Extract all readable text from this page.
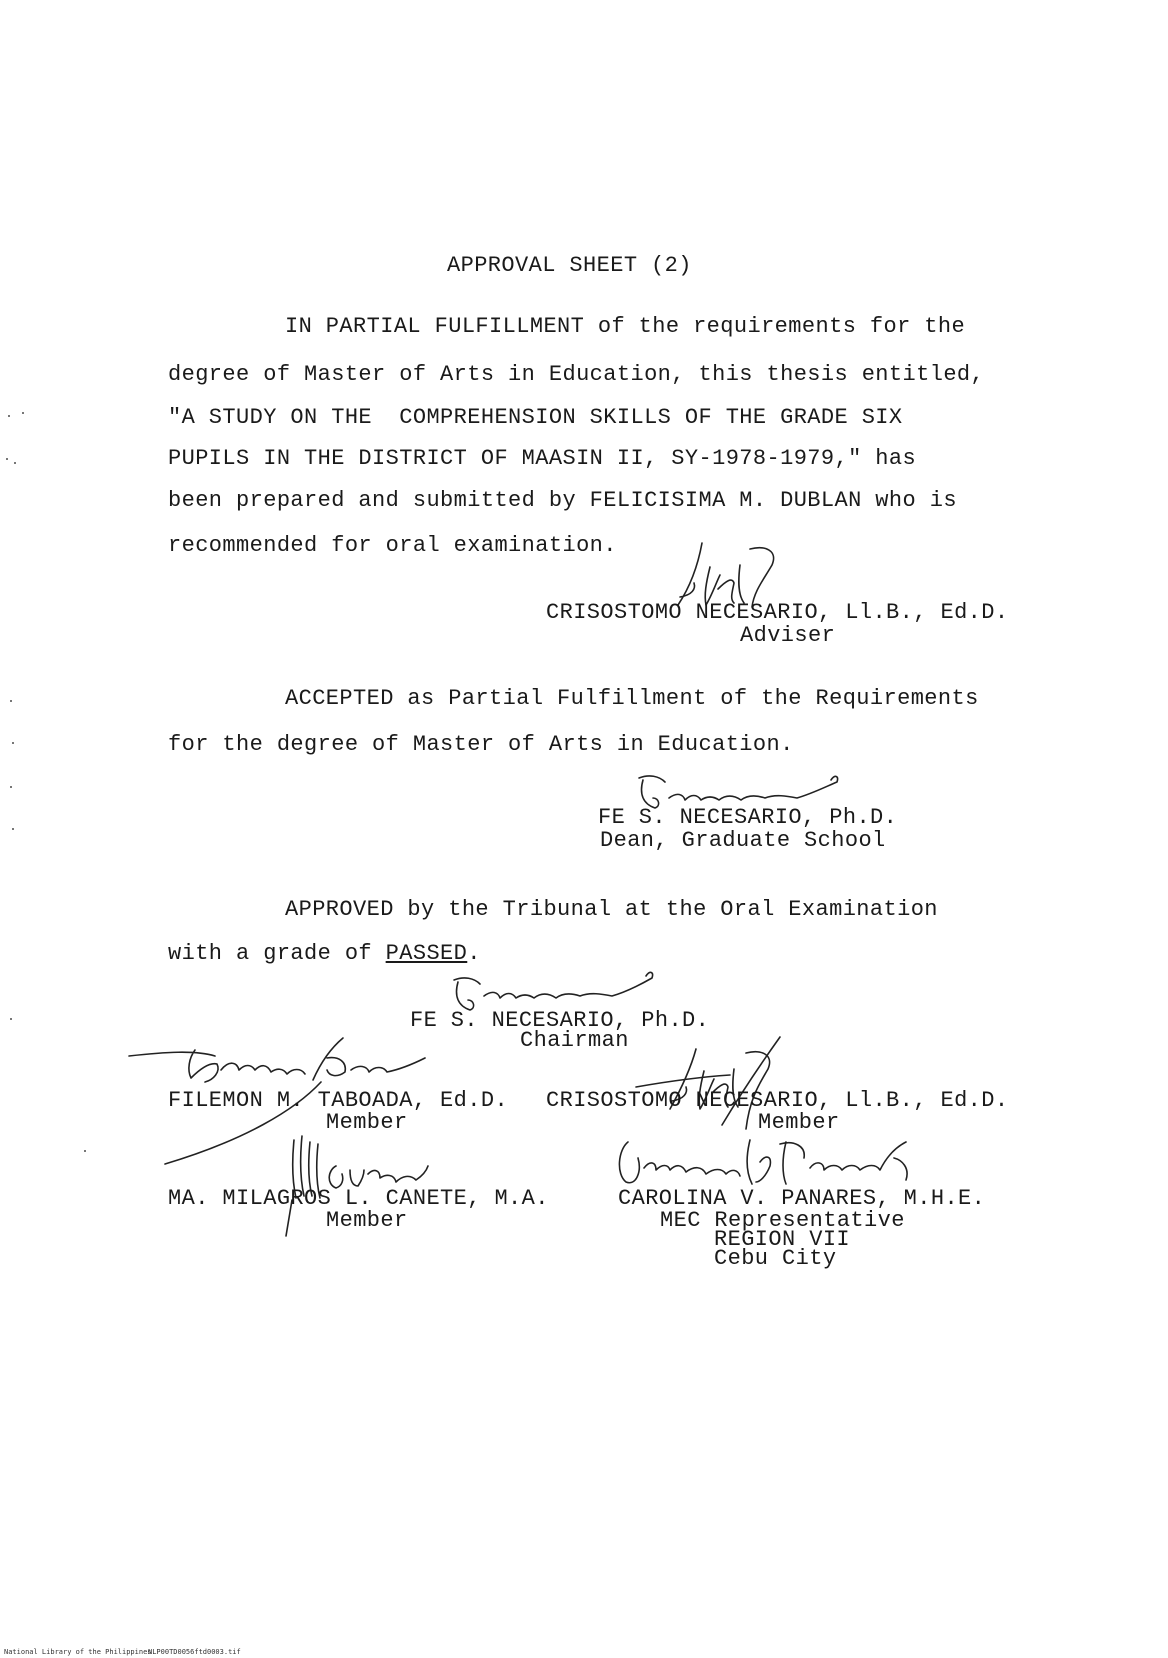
APPROVAL SHEET (2)
IN PARTIAL FULFILLMENT of the requirements for the
degree of Master of Arts in Education, this thesis entitled,
"A STUDY ON THE  COMPREHENSION SKILLS OF THE GRADE SIX
PUPILS IN THE DISTRICT OF MAASIN II, SY-1978-1979," has
been prepared and submitted by FELICISIMA M. DUBLAN who is
recommended for oral examination.
CRISOSTOMO NECESARIO, Ll.B., Ed.D.
Adviser
ACCEPTED as Partial Fulfillment of the Requirements
for the degree of Master of Arts in Education.
FE S. NECESARIO, Ph.D.
Dean, Graduate School
APPROVED by the Tribunal at the Oral Examination
with a grade of PASSED.
FE S. NECESARIO, Ph.D.
Chairman
FILEMON M. TABOADA, Ed.D.
Member
CRISOSTOMO NECESARIO, Ll.B., Ed.D.
Member
MA. MILAGROS L. CANETE, M.A.
Member
CAROLINA V. PANARES, M.H.E.
MEC Representative
REGION VII
Cebu City
National Library of the Philippines
NLP00TD0056ftd0003.tif
